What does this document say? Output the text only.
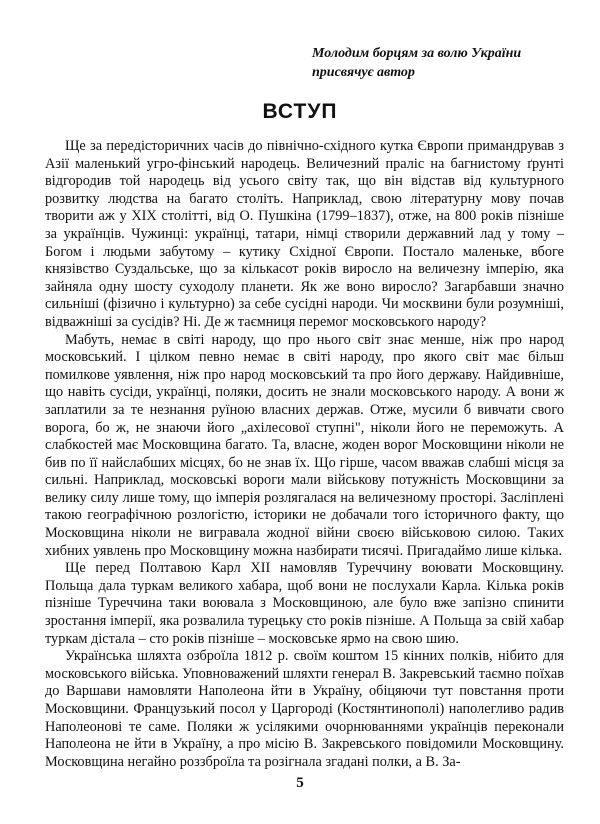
Молодим борцям за волю України
присвячує автор
ВСТУП

Ще за передісторичних часів до північно-східного кутка Європи примандрував з Азії маленький угро-фінський народець. Величезний праліс на багнистому ґрунті відгородив той народець від усього світу так, що він відстав від культурного розвитку людства на багато століть. Наприклад, свою літературну мову почав творити аж у XIX столітті, від О. Пушкіна (1799–1837), отже, на 800 років пізніше за українців. Чужинці: українці, татари, німці створили державний лад у тому – Богом і людьми забутому – кутику Східної Європи. Постало маленьке, вбоге князівство Суздальське, що за кількасот років виросло на величезну імперію, яка зайняла одну шосту суходолу планети. Як же воно виросло? Загарбавши значно сильніші (фізично і культурно) за себе сусідні народи. Чи москвини були розумніші, відважніші за сусідів? Ні. Де ж таємниця перемог московського народу?

Мабуть, немає в світі народу, що про нього світ знає менше, ніж про народ московський. І цілком певно немає в світі народу, про якого світ має більш помилкове уявлення, ніж про народ московський та про його державу. Найдивніше, що навіть сусіди, українці, поляки, досить не знали московського народу. А вони ж заплатили за те незнання руїною власних держав. Отже, мусили б вивчати свого ворога, бо ж, не знаючи його „ахілесової ступні", ніколи його не переможуть. А слабкостей має Московщина багато. Та, власне, жоден ворог Московщини ніколи не бив по її найслабших місцях, бо не знав їх. Що гірше, часом вважав слабші місця за сильні. Наприклад, московські вороги мали військову потужність Московщини за велику силу лише тому, що імперія розлягалася на величезному просторі. Засліплені такою географічною розлогістю, історики не добачали того історичного факту, що Московщина ніколи не вигравала жодної війни своєю військовою силою. Таких хибних уявлень про Московщину можна назбирати тисячі. Пригадаймо лише кілька.

Ще перед Полтавою Карл XII намовляв Туреччину воювати Московщину. Польща дала туркам великого хабара, щоб вони не послухали Карла. Кілька років пізніше Туреччина таки воювала з Московщиною, але було вже запізно спинити зростання імперії, яка розвалила турецьку сто років пізніше. А Польща за свій хабар туркам дістала – сто років пізніше – московське ярмо на свою шию.

Українська шляхта озброїла 1812 р. своїм коштом 15 кінних полків, нібито для московського війська. Уповноважений шляхти генерал В. Закревський таємно поїхав до Варшави намовляти Наполеона йти в Україну, обіцяючи тут повстання проти Московщини. Французький посол у Царгороді (Костянтинополі) наполегливо радив Наполеонові те саме. Поляки ж усілякими очорнюваннями українців переконали Наполеона не йти в Україну, а про місію В. Закревського повідомили Московщину. Московщина негайно роззброїла та розігнала згадані полки, а В. За-

5
